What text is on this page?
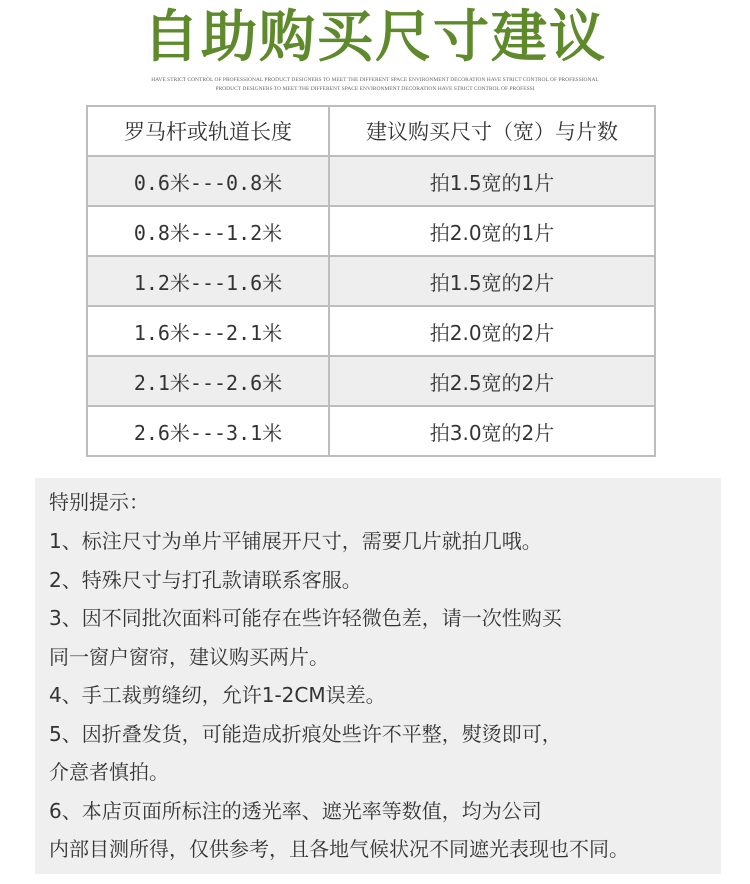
自助购买尺寸建议
HAVE STRICT CONTROL OF PROFESSIONAL PRODUCT DESIGNERS TO MEET THE DIFFERENT SPACE ENVIRONMENT DECORATION HAVE STRICT CONTROL OF PROFESSIONAL
PRODUCT DESIGNERS TO MEET THE DIFFERENT SPACE ENVIRONMENT DECORATION HAVE STRICT CONTROL OF PROFESSI
罗马杆或轨道长度	建议购买尺寸（宽）与片数
0.6米---0.8米	拍1.5宽的1片
0.8米---1.2米	拍2.0宽的1片
1.2米---1.6米	拍1.5宽的2片
1.6米---2.1米	拍2.0宽的2片
2.1米---2.6米	拍2.5宽的2片
2.6米---3.1米	拍3.0宽的2片
特别提示：
1、标注尺寸为单片平铺展开尺寸，需要几片就拍几哦。
2、特殊尺寸与打孔款请联系客服。
3、因不同批次面料可能存在些许轻微色差，请一次性购买
同一窗户窗帘，建议购买两片。
4、手工裁剪缝纫，允许1-2CM误差。
5、因折叠发货，可能造成折痕处些许不平整，熨烫即可，
介意者慎拍。
6、本店页面所标注的透光率、遮光率等数值，均为公司
内部目测所得，仅供参考，且各地气候状况不同遮光表现也不同。
